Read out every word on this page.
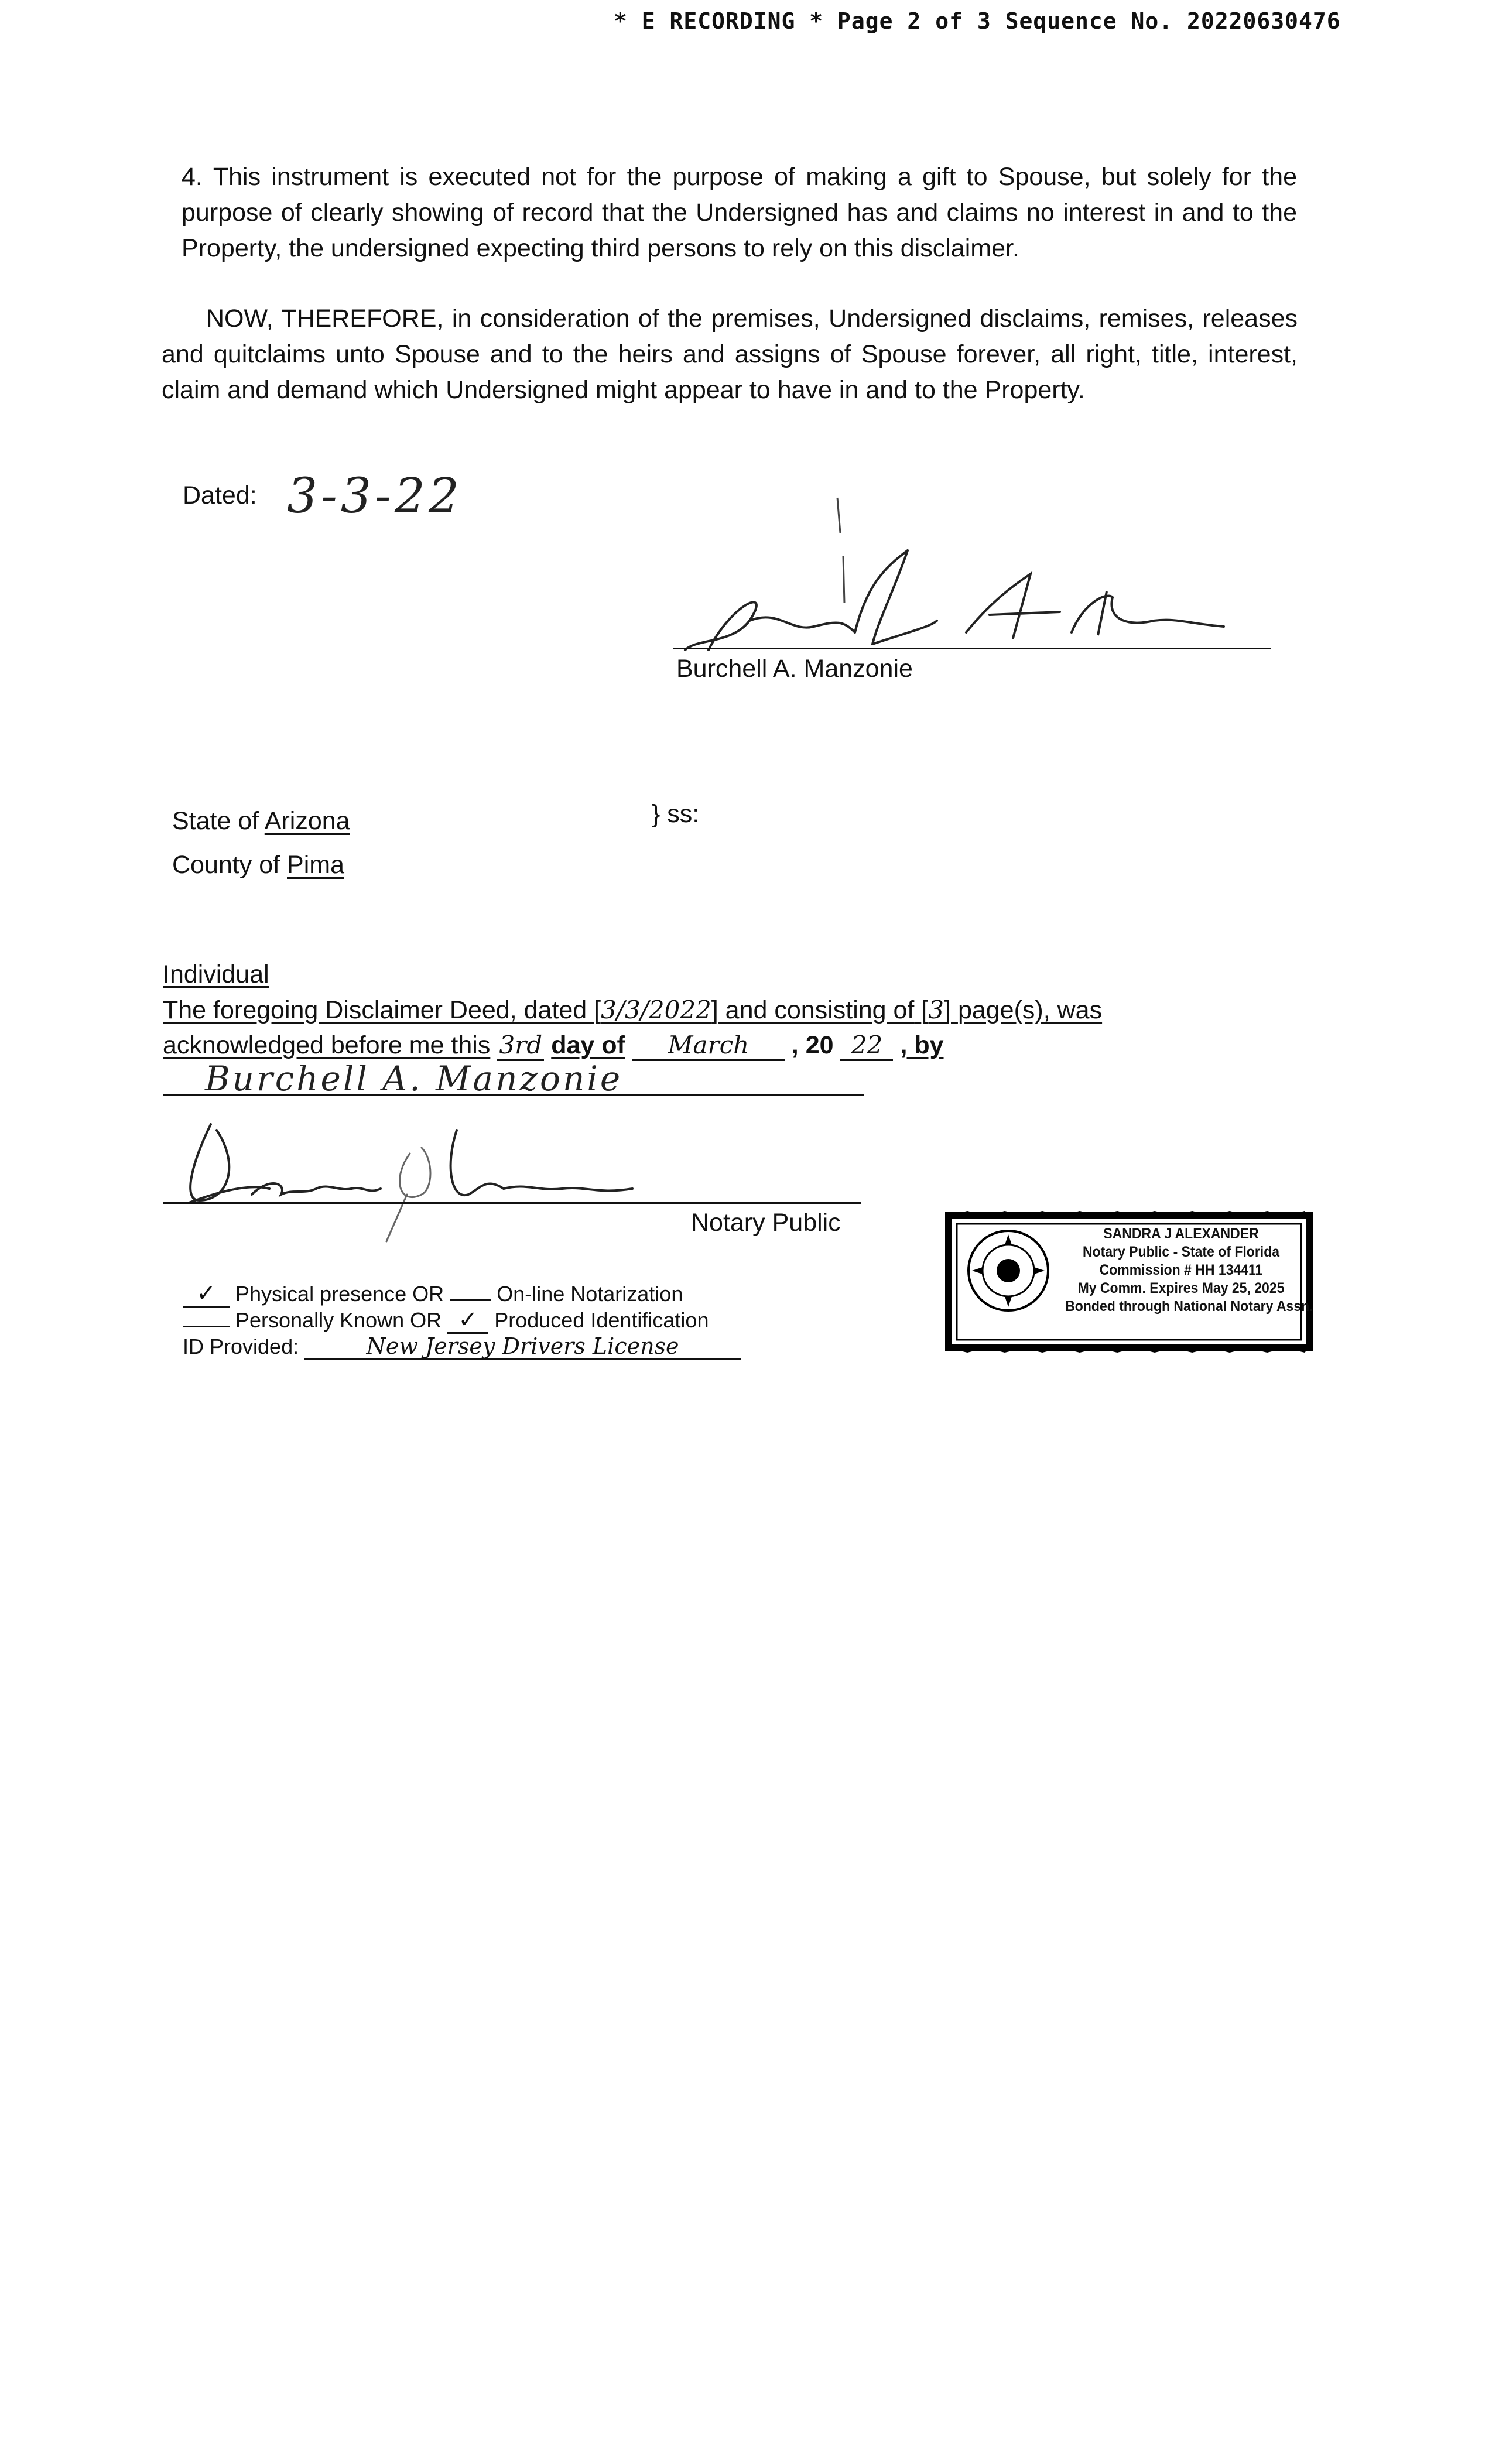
* E RECORDING * Page 2 of 3 Sequence No. 20220630476
4. This instrument is executed not for the purpose of making a gift to Spouse, but solely for the purpose of clearly showing of record that the Undersigned has and claims no interest in and to the Property, the undersigned expecting third persons to rely on this disclaimer.
NOW, THEREFORE, in consideration of the premises, Undersigned disclaims, remises, releases and quitclaims unto Spouse and to the heirs and assigns of Spouse forever, all right, title, interest, claim and demand which Undersigned might appear to have in and to the Property.
Dated: 3-3-22
Burchell A. Manzonie
State of Arizona
County of Pima
} ss:
Individual
The foregoing Disclaimer Deed, dated [3/3/2022] and consisting of [3] page(s), was
acknowledged before me this 3rd day of March , 20 22 , by
Burchell A. Manzonie
Notary Public
✓ Physical presence OR	On-line Notarization
Personally Known OR ✓ Produced Identification
ID Provided:	New Jersey Drivers License
SANDRA J ALEXANDER
Notary Public - State of Florida
Commission # HH 134411
My Comm. Expires May 25, 2025
Bonded through National Notary Assn.
